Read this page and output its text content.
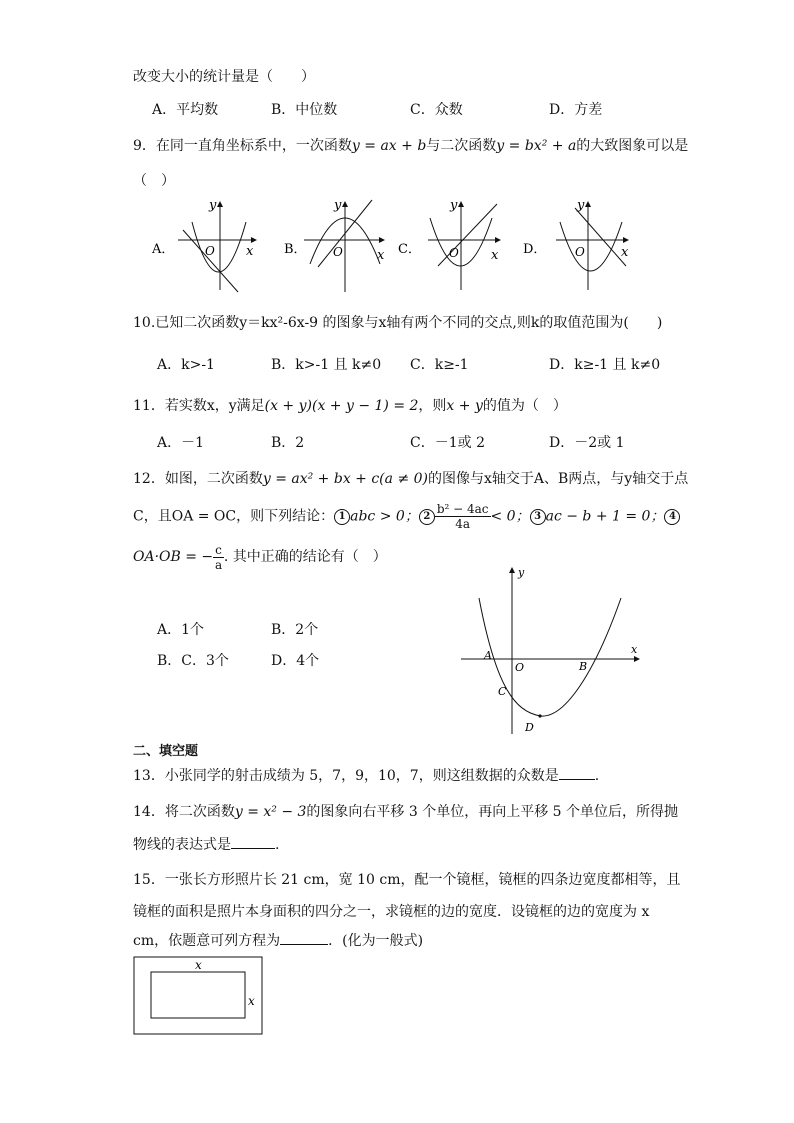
改变大小的统计量是（　　）
A．平均数	B．中位数	C．众数	D．方差
9．在同一直角坐标系中，一次函数y = ax + b与二次函数y = bx² + a的大致图象可以是
（　）
A．
y
x
O	B．
y
x
O	C．
y
x
O	D．
y
x
O
10.已知二次函数y＝kx²-6x-9 的图象与x轴有两个不同的交点,则k的取值范围为(　　)
A．k>-1	B．k>-1 且 k≠0 C．k≥-1	D．k≥-1 且 k≠0
11．若实数x，y满足(x + y)(x + y − 1) = 2，则x + y的值为（　）
A．－1	B．2	C．－1或 2	D．－2或 1
12．如图，二次函数y = ax² + bx + c(a ≠ 0)的图像与x轴交于A、B两点，与y轴交于点
C，且OA = OC，则下列结论： 1 abc > 0； $2 \frac{\text{b² − 4ac}}{4a} < 0$； 3 ac − b + 1 = 0； 4
OA·OB = − $\frac{c}{a}$ . 其中正确的结论有（　）
A．1个	B．2个
B．C．3个	D．4个
y
x
A
O	B
C
D
二、填空题
13．小张同学的射击成绩为 5，7，9，10，7，则这组数据的众数是	.
14．将二次函数y = x² − 3的图象向右平移 3 个单位，再向上平移 5 个单位后，所得抛
物线的表达式是	.
15．一张长方形照片长 21 cm，宽 10 cm，配一个镜框，镜框的四条边宽度都相等，且
镜框的面积是照片本身面积的四分之一，求镜框的边的宽度．设镜框的边的宽度为 x
cm，依题意可列方程为	．(化为一般式)
x
x
